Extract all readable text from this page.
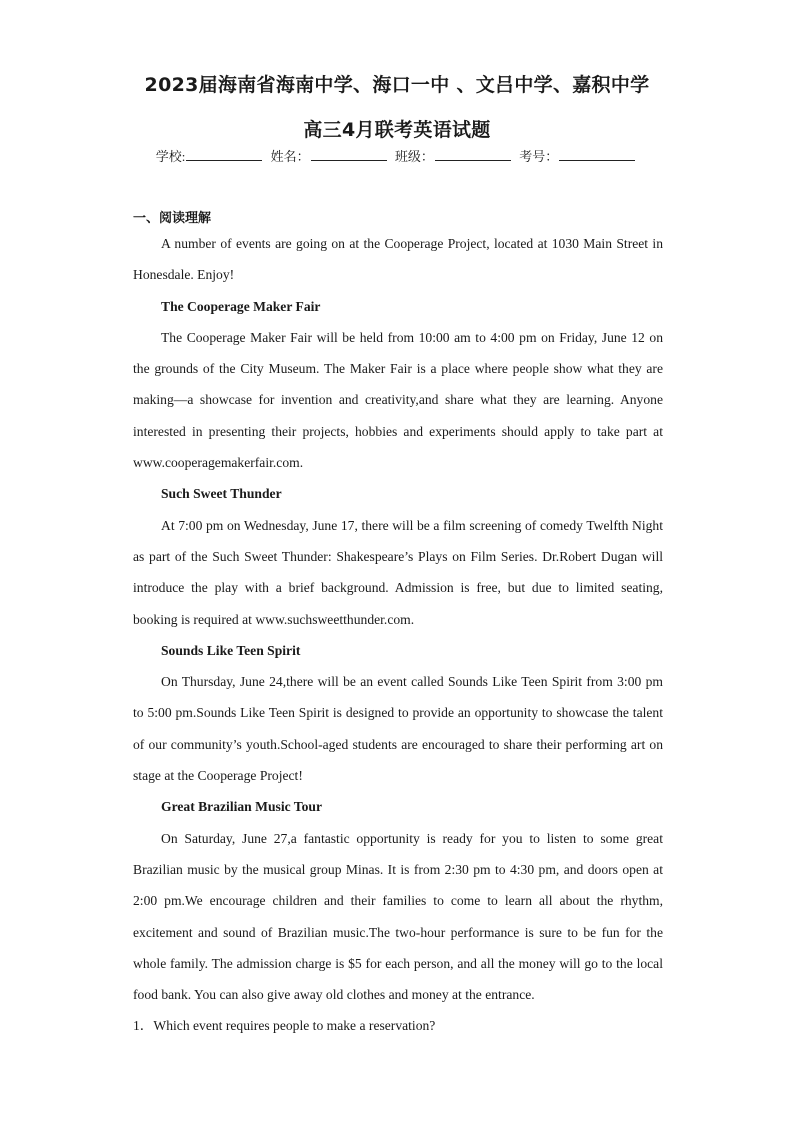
2023届海南省海南中学、海口一中 、文吕中学、嘉积中学
高三4月联考英语试题
学校:	姓名：	班级：	考号：
一、阅读理解

A number of events are going on at the Cooperage Project, located at 1030 Main Street in Honesdale. Enjoy!

The Cooperage Maker Fair

The Cooperage Maker Fair will be held from 10:00 am to 4:00 pm on Friday, June 12 on the grounds of the City Museum. The Maker Fair is a place where people show what they are making—a showcase for invention and creativity,and share what they are learning. Anyone interested in presenting their projects, hobbies and experiments should apply to take part at www.cooperagemakerfair.com.

Such Sweet Thunder

At 7:00 pm on Wednesday, June 17, there will be a film screening of comedy Twelfth Night as part of the Such Sweet Thunder: Shakespeare’s Plays on Film Series. Dr.Robert Dugan will introduce the play with a brief background. Admission is free, but due to limited seating, booking is required at www.suchsweetthunder.com.

Sounds Like Teen Spirit

On Thursday, June 24,there will be an event called Sounds Like Teen Spirit from 3:00 pm to 5:00 pm.Sounds Like Teen Spirit is designed to provide an opportunity to showcase the talent of our community’s youth.School-aged students are encouraged to share their performing art on stage at the Cooperage Project!

Great Brazilian Music Tour

On Saturday, June 27,a fantastic opportunity is ready for you to listen to some great Brazilian music by the musical group Minas. It is from 2:30 pm to 4:30 pm, and doors open at 2:00 pm.We encourage children and their families to come to learn all about the rhythm, excitement and sound of Brazilian music.The two-hour performance is sure to be fun for the whole family. The admission charge is $5 for each person, and all the money will go to the local food bank. You can also give away old clothes and money at the entrance.

1．Which event requires people to make a reservation?
